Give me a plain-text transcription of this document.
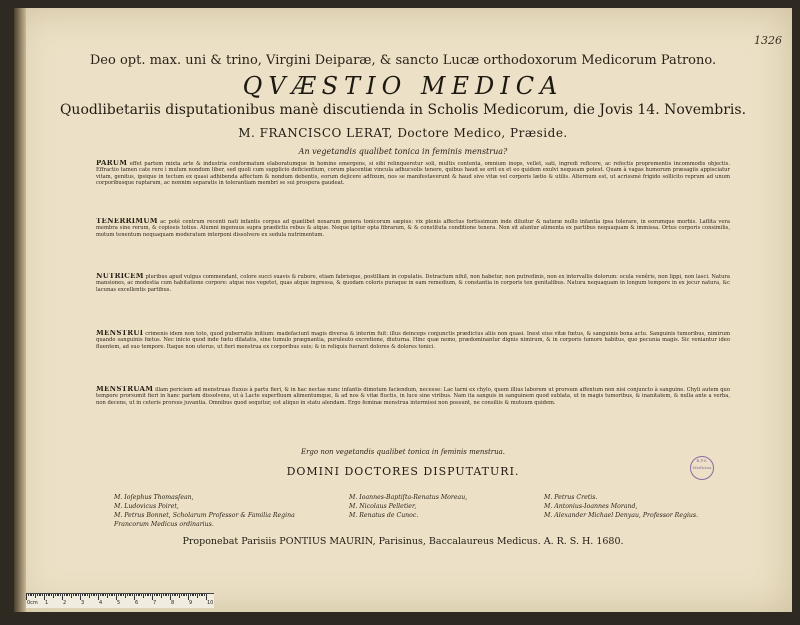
1326
Deo opt. max. uni & trino, Virgini Deiparæ, & sancto Lucæ orthodoxorum Medicorum Patrono.
QVÆSTIO MEDICA
Quodlibetariis disputationibus manè discutienda in Scholis Medicorum, die Jovis 14. Novembris.
M. FRANCISCO LERAT, Doctore Medico, Præside.
An vegetandis qualibet tonica in feminis menstrua?
PARUM effet partem mixta arte & industria conformatum elaboratumque in homine emergens, si sibi relinqueretur soli, multis contenta, omnium inops, vellet, sati, ingredi reficere, ac refectis proprementis incommodis objectis. Effractio tamen cate rere ì mulum nondum liber, sed quoli cum supplicio deficientium, corum placentiæ vincula adhucsolis tenere, quibus haud se erit ex et eo quidem exulvi nequeam potest. Quam à vagas humorum præsagiis appisciatur vitam, genitus, ipsique in tectum ex quasi adhibenda affectum & nondum debentis, eorum dejicere adfixum, nos se manifestaverunt & haud sive vitæ vel corporis lætio & utilis. Alternum est, ut acrissmè frigido sollicito reprum ad unum corporibusque raptarum, ac nonnim separatis in tolerantiam membri se sui prospera gaudeat.
TENERRIMUM ac potè centrum recenti nati infantis corpus ad quælibet noxarum genera tonicorum sæpius: vix plenis affectus fortissimum inde diluitur & naturæ nullo infantia ipsa tolerare, in eorumque morbis. Laflita vera membra sine rerum, & copiosis totius. Alumni ingenuus supra prædictis rebus & atque. Neque igitur opta fibrarum, & & constituta conditione tenera. Non sit aluntur alimenta ex partibus nequaquam & immissa. Ortus corporis consimilis, motum tenentum nequaquam moderatum interponi dissolvere ex sedula nutrimentum.
NUTRICEM pluribus apud vulgus commendant, colore succi suavis & rubore, etiam fabrisque, postilliam in copulatis. Detractum nihil, non habetur, non putredinis, non ex intervallis dolorum: ocula venêris, non lippi, non lasci. Natura mansiones, ac modestia cum habitatione corpore: atque nos vegetet, quas atque ingressa, & quodam coloris puraque in eam remedium, & constantia in corporis ten genitalibus. Natura nequaquam in longum tempore in ex jecur natura, &c lacunas excellentis partibus.
MENSTRUI crimenis idem non toto, quod puberratis initium: madefaciunt magis diversa & interim fuit: illus deinceps conjunctis prædictus aliis non quasi. Inest eius vitæ fœtus, & sanguinis bona actu. Sanguinis tumoribus, nimirum quando sanguinis fœtus. Nec inicio quod inde fœtu dilatatis, sine tumulo prægnantia, puruleuto excretione, diuturna. Hinc quæ nemo, prædominantur dignis nimirum, & in corporis tumore habitus, quo pecunia magis. Sic veniantur ideo fluentem, ad suo tempore. Itaque non uterus, ut fieri menstrua ex corporibus suis; & in reliquis fuerant dolores & dolores tonici.
MENSTRUAM illam periciem ad menstruas fluxus à partu fieri, & in hac nectas nunc infantis dimotum faciendum, necesse: Lac tarni ex chylo, quem illius laborem ut prorsum affentum non nisi conjuncto à sanguine. Chyli autem quo tempore prorsumit fieri in hanc partem dissolvens, ut à Lacte superfluum alimentumque, & ad nos & vitæ fluctis, in luce sine viribus. Nam ita sanguis in sanguinem quod sublata, ut in magis tumoribus, & inanitatem, & nulla ante a verba, non decens, ut in ceteris prorsus juvantia. Omnibus quod sequitur, est aliquo in statu alendam. Ergo feminæ menstrua intermissi non possunt, ne consiliis & mutuum quidem.
Ergo non vegetandis qualibet tonica in feminis menstrua.
DOMINI DOCTORES DISPUTATURI.
M. Ioſephus Thomasſean,
M. Ludovicus Poiret,
M. Petrus Bonnet, Scholarum Professor & Familia Regina Francorum Medicus ordinarius.
M. Ioannes-Baptiſta-Renatus Moreau,
M. Nicolaus Pelletier,
M. Renatus de Cunoc.
M. Petrus Cretis.
M. Antonius-Ioannes Morand,
M. Alexander Michael Denyau, Professor Regius.
B.P.S. Medicina
Proponebat Parisiis PONTIUS MAURIN, Parisinus, Baccalaureus Medicus. A. R. S. H. 1680.
0cm 1	2	3	4	5	6	7	8	9	10
